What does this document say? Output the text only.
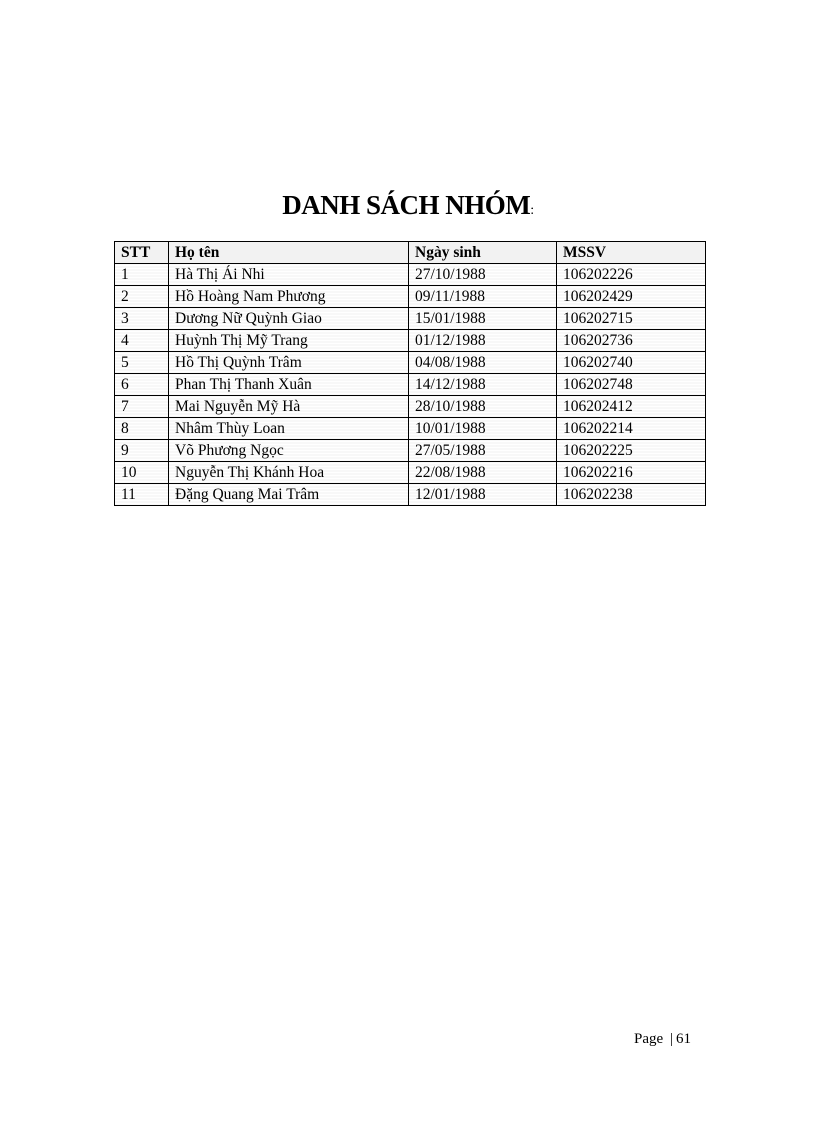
DANH SÁCH NHÓM:
STT	Họ tên	Ngày sinh	MSSV
1	Hà Thị Ái Nhi	27/10/1988	106202226
2	Hồ Hoàng Nam Phương	09/11/1988	106202429
3	Dương Nữ Quỳnh Giao	15/01/1988	106202715
4	Huỳnh Thị Mỹ Trang	01/12/1988	106202736
5	Hồ Thị Quỳnh Trâm	04/08/1988	106202740
6	Phan Thị Thanh Xuân	14/12/1988	106202748
7	Mai Nguyễn Mỹ Hà	28/10/1988	106202412
8	Nhâm Thùy Loan	10/01/1988	106202214
9	Võ Phương Ngọc	27/05/1988	106202225
10	Nguyễn Thị Khánh Hoa	22/08/1988	106202216
11	Đặng Quang Mai Trâm	12/01/1988	106202238

Page | 61
